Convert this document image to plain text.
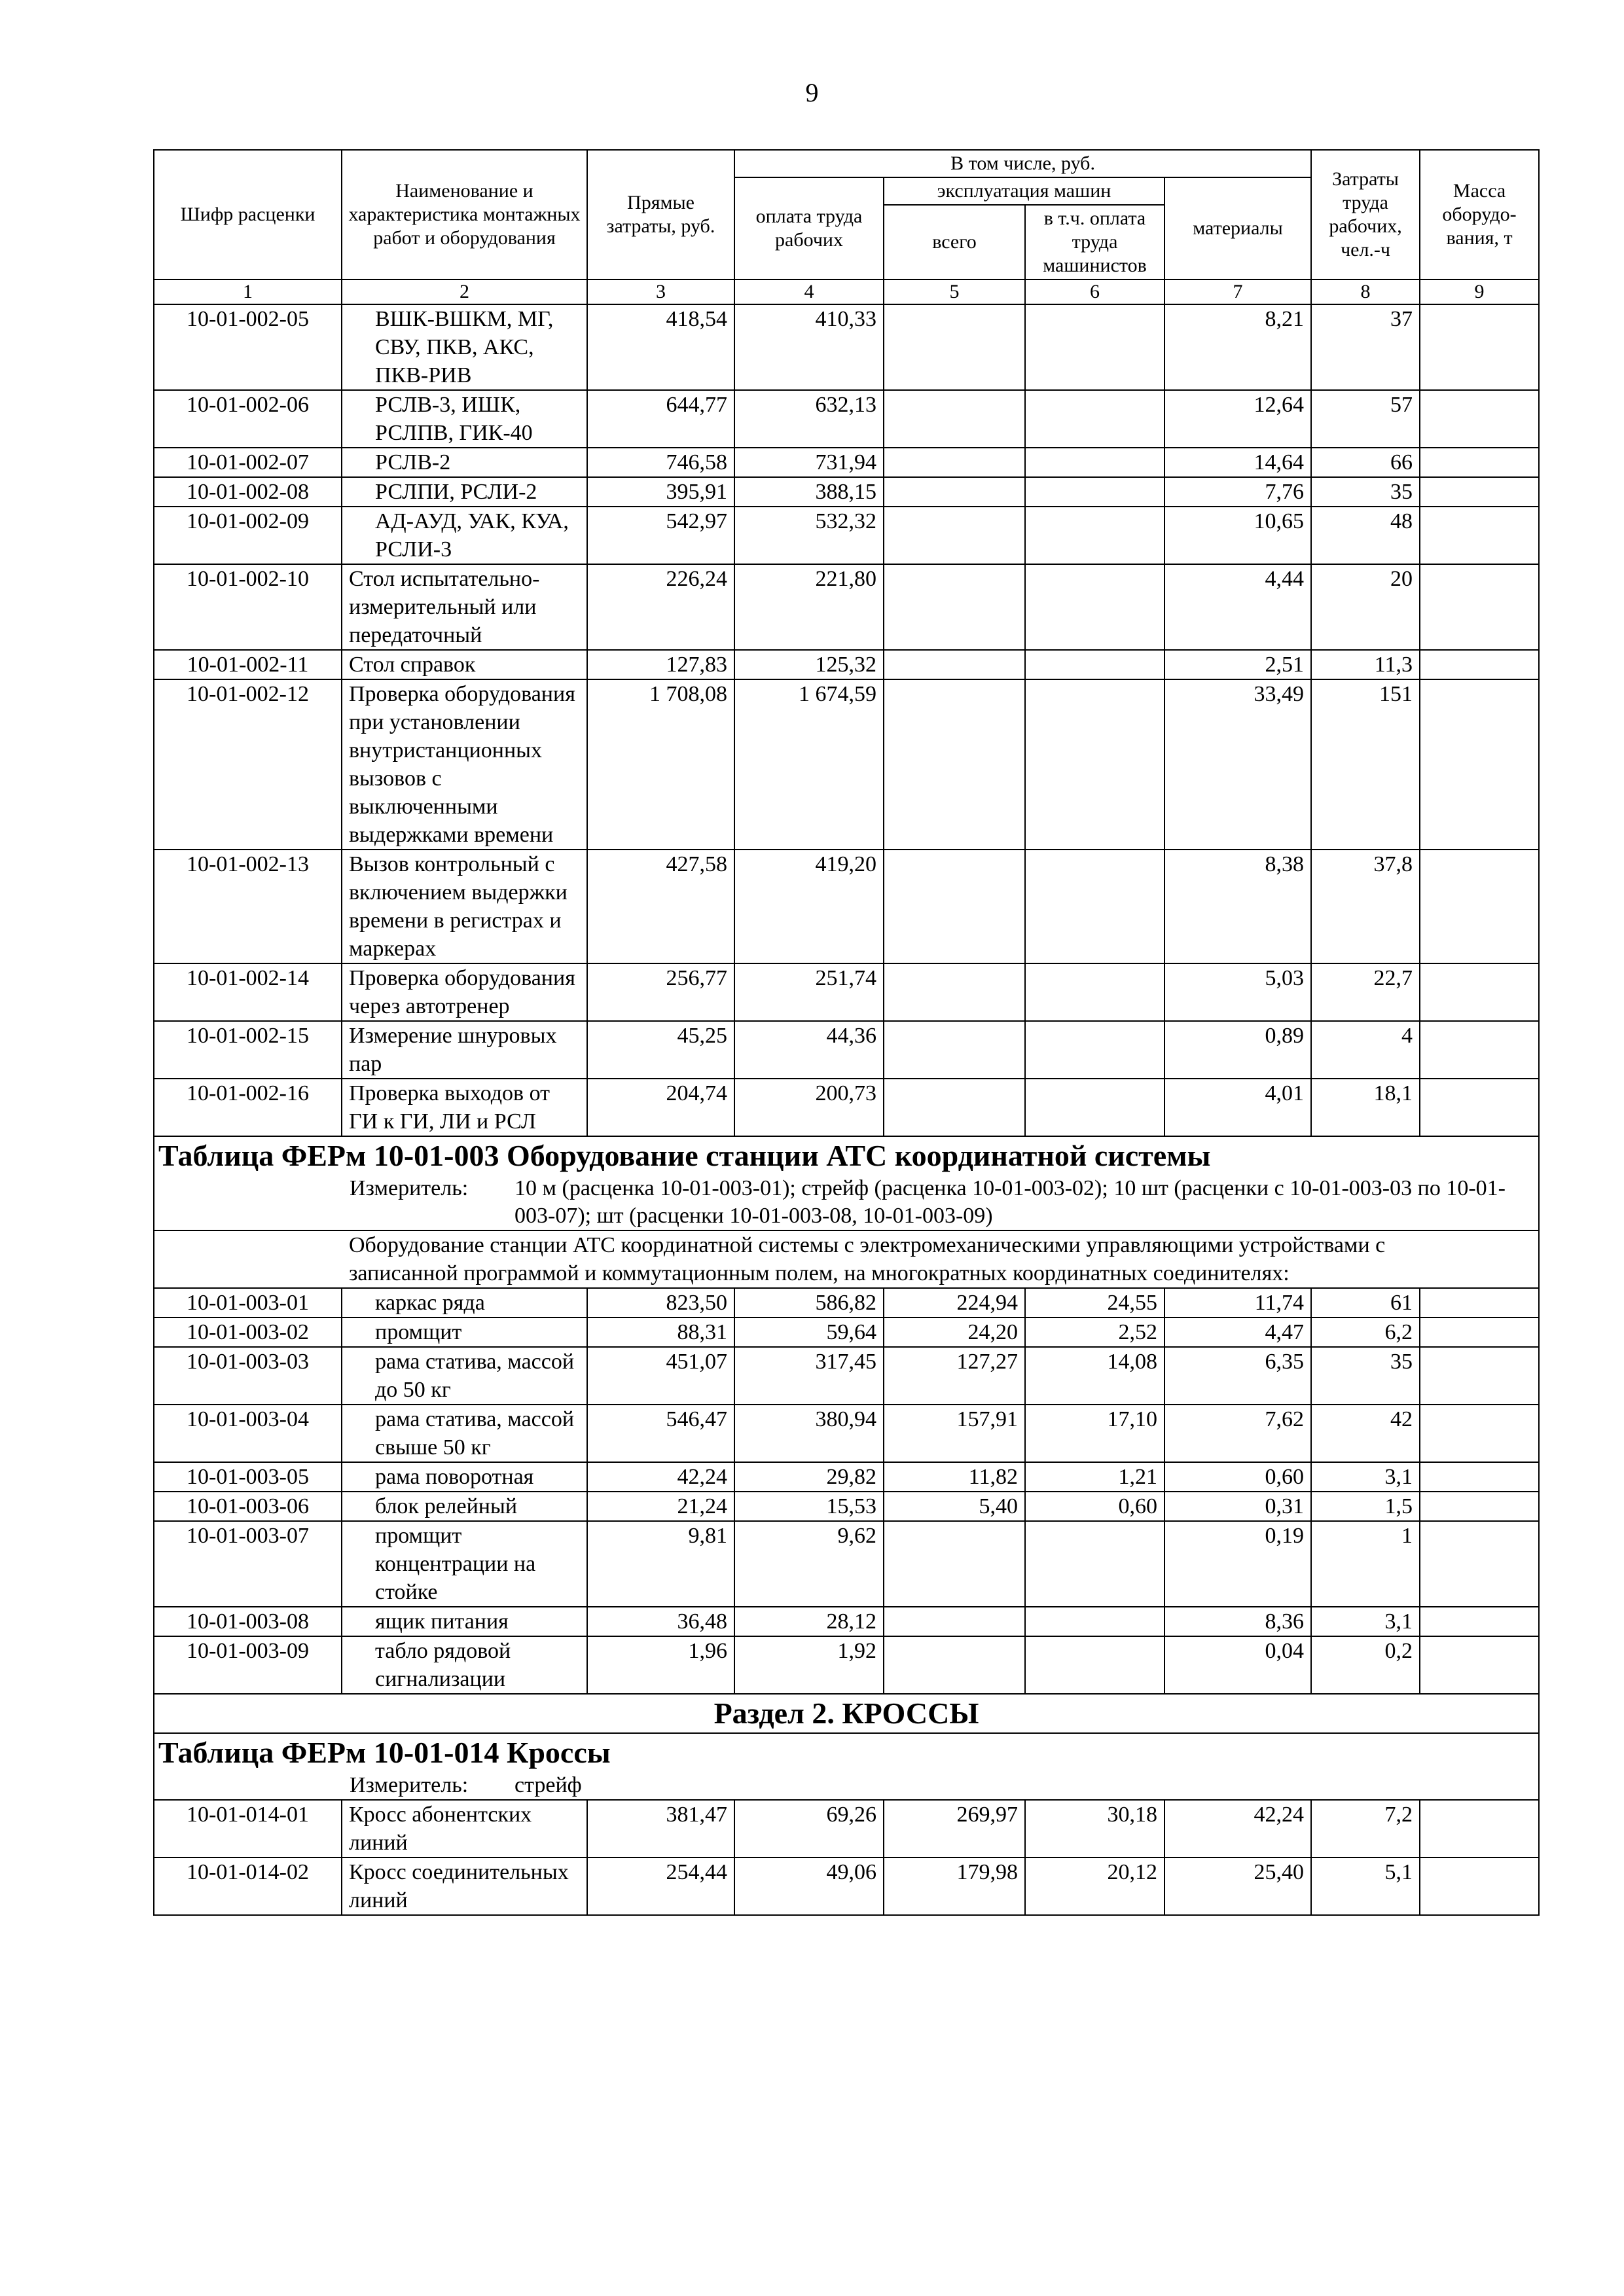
9
Шифр расценки	Наименование и характеристика монтажных работ и оборудования	Прямые затраты, руб.	В том числе, руб.				Затраты труда рабочих, чел.-ч	Масса оборудо-вания, т
			оплата труда рабочих	эксплуатация машин		материалы		
				всего	в т.ч. оплата труда машинистов			
1	2	3	4	5	6	7	8	9
10-01-002-05	ВШК-ВШКМ, МГ, СВУ, ПКВ, АКС, ПКВ-РИВ	418,54	410,33			8,21	37	
10-01-002-06	РСЛВ-3, ИШК, РСЛПВ, ГИК-40	644,77	632,13			12,64	57	
10-01-002-07	РСЛВ-2	746,58	731,94			14,64	66	
10-01-002-08	РСЛПИ, РСЛИ-2	395,91	388,15			7,76	35	
10-01-002-09	АД-АУД, УАК, КУА, РСЛИ-3	542,97	532,32			10,65	48	
10-01-002-10	Стол испытательно-измерительный или передаточный	226,24	221,80			4,44	20	
10-01-002-11	Стол справок	127,83	125,32			2,51	11,3	
10-01-002-12	Проверка оборудования при установлении внутристанционных вызовов с выключенными выдержками времени	1 708,08	1 674,59			33,49	151	
10-01-002-13	Вызов контрольный с включением выдержки времени в регистрах и маркерах	427,58	419,20			8,38	37,8	
10-01-002-14	Проверка оборудования через автотренер	256,77	251,74			5,03	22,7	
10-01-002-15	Измерение шнуровых пар	45,25	44,36			0,89	4	
10-01-002-16	Проверка выходов от ГИ к ГИ, ЛИ и РСЛ	204,74	200,73			4,01	18,1	

Таблица ФЕРм 10-01-003 Оборудование станции АТС координатной системы
Измеритель: 10 м (расценка 10-01-003-01); стрейф (расценка 10-01-003-02); 10 шт (расценки с 10-01-003-03 по 10-01-003-07); шт (расценки 10-01-003-08, 10-01-003-09)								

Оборудование станции АТС координатной системы с электромеханическими управляющими устройствами с записанной программой и коммутационным полем, на многократных координатных соединителях:								

10-01-003-01	каркас ряда	823,50	586,82	224,94	24,55	11,74	61	
10-01-003-02	промщит	88,31	59,64	24,20	2,52	4,47	6,2	
10-01-003-03	рама статива, массой до 50 кг	451,07	317,45	127,27	14,08	6,35	35	
10-01-003-04	рама статива, массой свыше 50 кг	546,47	380,94	157,91	17,10	7,62	42	
10-01-003-05	рама поворотная	42,24	29,82	11,82	1,21	0,60	3,1	
10-01-003-06	блок релейный	21,24	15,53	5,40	0,60	0,31	1,5	
10-01-003-07	промщит концентрации на стойке	9,81	9,62			0,19	1	
10-01-003-08	ящик питания	36,48	28,12			8,36	3,1	
10-01-003-09	табло рядовой сигнализации	1,96	1,92			0,04	0,2	

Раздел 2. КРОССЫ								

Таблица ФЕРм 10-01-014 Кроссы
Измеритель: стрейф								

10-01-014-01	Кросс абонентских линий	381,47	69,26	269,97	30,18	42,24	7,2	
10-01-014-02	Кросс соединительных линий	254,44	49,06	179,98	20,12	25,40	5,1	
